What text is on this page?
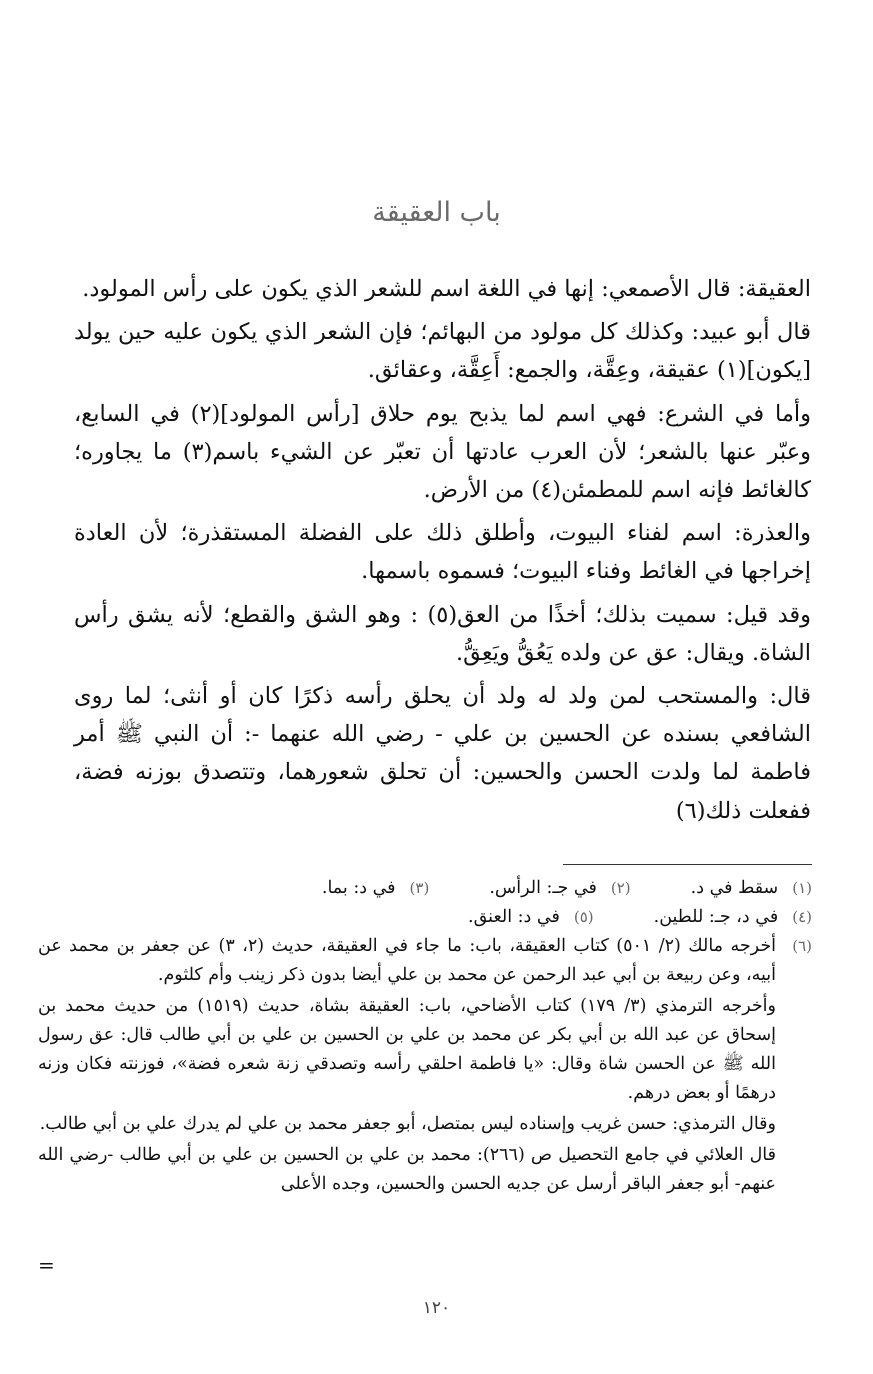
باب العقيقة

العقيقة: قال الأصمعي: إنها في اللغة اسم للشعر الذي يكون على رأس المولود.

قال أبو عبيد: وكذلك كل مولود من البهائم؛ فإن الشعر الذي يكون عليه حين يولد [يكون](١) عقيقة، وعِقَّة، والجمع: أَعِقَّة، وعقائق.

وأما في الشرع: فهي اسم لما يذبح يوم حلاق [رأس المولود](٢) في السابع، وعبّر عنها بالشعر؛ لأن العرب عادتها أن تعبّر عن الشيء باسم(٣) ما يجاوره؛ كالغائط فإنه اسم للمطمئن(٤) من الأرض.

والعذرة: اسم لفناء البيوت، وأطلق ذلك على الفضلة المستقذرة؛ لأن العادة إخراجها في الغائط وفناء البيوت؛ فسموه باسمها.

وقد قيل: سميت بذلك؛ أخذًا من العق(٥) : وهو الشق والقطع؛ لأنه يشق رأس الشاة. ويقال: عق عن ولده يَعُقُّ ويَعِقُّ.

قال: والمستحب لمن ولد له ولد أن يحلق رأسه ذكرًا كان أو أنثى؛ لما روى الشافعي بسنده عن الحسين بن علي - رضي الله عنهما -: أن النبي ﷺ أمر فاطمة لما ولدت الحسن والحسين: أن تحلق شعورهما، وتتصدق بوزنه فضة، ففعلت ذلك(٦)

(١)
سقط في د.
(٢)
في جـ: الرأس.
(٣)
في د: بما.
(٤)
في د، جـ: للطين.
(٥)
في د: العنق.
(٦)

أخرجه مالك (٢/ ٥٠١) كتاب العقيقة، باب: ما جاء في العقيقة، حديث (٢، ٣) عن جعفر بن محمد عن أبيه، وعن ربيعة بن أبي عبد الرحمن عن محمد بن علي أيضا بدون ذكر زينب وأم كلثوم.

وأخرجه الترمذي (٣/ ١٧٩) كتاب الأضاحي، باب: العقيقة بشاة، حديث (١٥١٩) من حديث محمد بن إسحاق عن عبد الله بن أبي بكر عن محمد بن علي بن الحسين بن علي بن أبي طالب قال: عق رسول الله ﷺ عن الحسن شاة وقال: «يا فاطمة احلقي رأسه وتصدقي زنة شعره فضة»، فوزنته فكان وزنه درهمًا أو بعض درهم.

وقال الترمذي: حسن غريب وإسناده ليس بمتصل، أبو جعفر محمد بن علي لم يدرك علي بن أبي طالب.

قال العلائي في جامع التحصيل ص (٢٦٦): محمد بن علي بن الحسين بن علي بن أبي طالب -رضي الله عنهم- أبو جعفر الباقر أرسل عن جديه الحسن والحسين، وجده الأعلى

=
١٢٠
